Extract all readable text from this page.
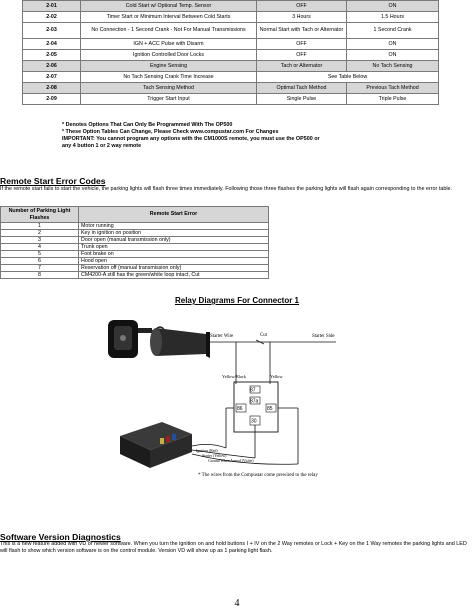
2-01	Cold Start w/ Optional Temp. Sensor	OFF	ON
2-02	Timer Start or Minimum Interval Between Cold Starts	3 Hours	1.5 Hours
2-03	No Connection - 1 Second Crank - Not For Manual Transmissions	Normal Start with Tach or Alternator	1 Second Crank
2-04	IGN + ACC Pulse with Disarm	OFF	ON
2-05	Ignition Controlled Door Locks	OFF	ON
2-06	Engine Sensing	Tach or Alternator	No Tach Sensing
2-07	No Tach Sensing Crank Time Increase	See Table Below	
2-08	Tach Sensing Method	Optimal Tach Method	Previous Tach Method
2-09	Trigger Start Input	Single Pulse	Triple Pulse
* Denotes Options That Can Only Be Programmed With The OP500
ª These Option Tables Can Change, Please Check www.compustar.com For Changes
IMPORTANT: You cannot program any options with the CM1000S remote, you must use the OP500 or
any 4 button 1 or 2 way remote
Remote Start Error Codes
If the remote start fails to start the vehicle, the parking lights will flash three times immediately. Following those three flashes the parking lights will flash again corresponding to the error table.
Number of Parking Light Flashes	Remote Start Error
1	Motor running
2	Key in ignition on position
3	Door open (manual transmission only)
4	Trunk open
5	Foot brake on
6	Hood open
7	Reservation off (manual transmission only)
8	CM4200-A still has the green/white loop intact, Cut
Relay Diagrams For Connector 1
Starter Wire	Cut	Starter Side
Yellow/Black	Yellow
87
87a
86	85
30
Ignition (Red)
Starter (Yellow)
Ground When Armed (Violet)
* The wires from the Compustar come prewired to the relay
Software Version Diagnostics
This is a new feature added with VD or newer software. When you turn the ignition on and hold buttons I + IV on the 2 Way remotes or Lock + Key on the 1 Way remotes the parking lights and LED will flash to show which version software is on the control module. Version VD will show up as 1 parking light flash.
4
